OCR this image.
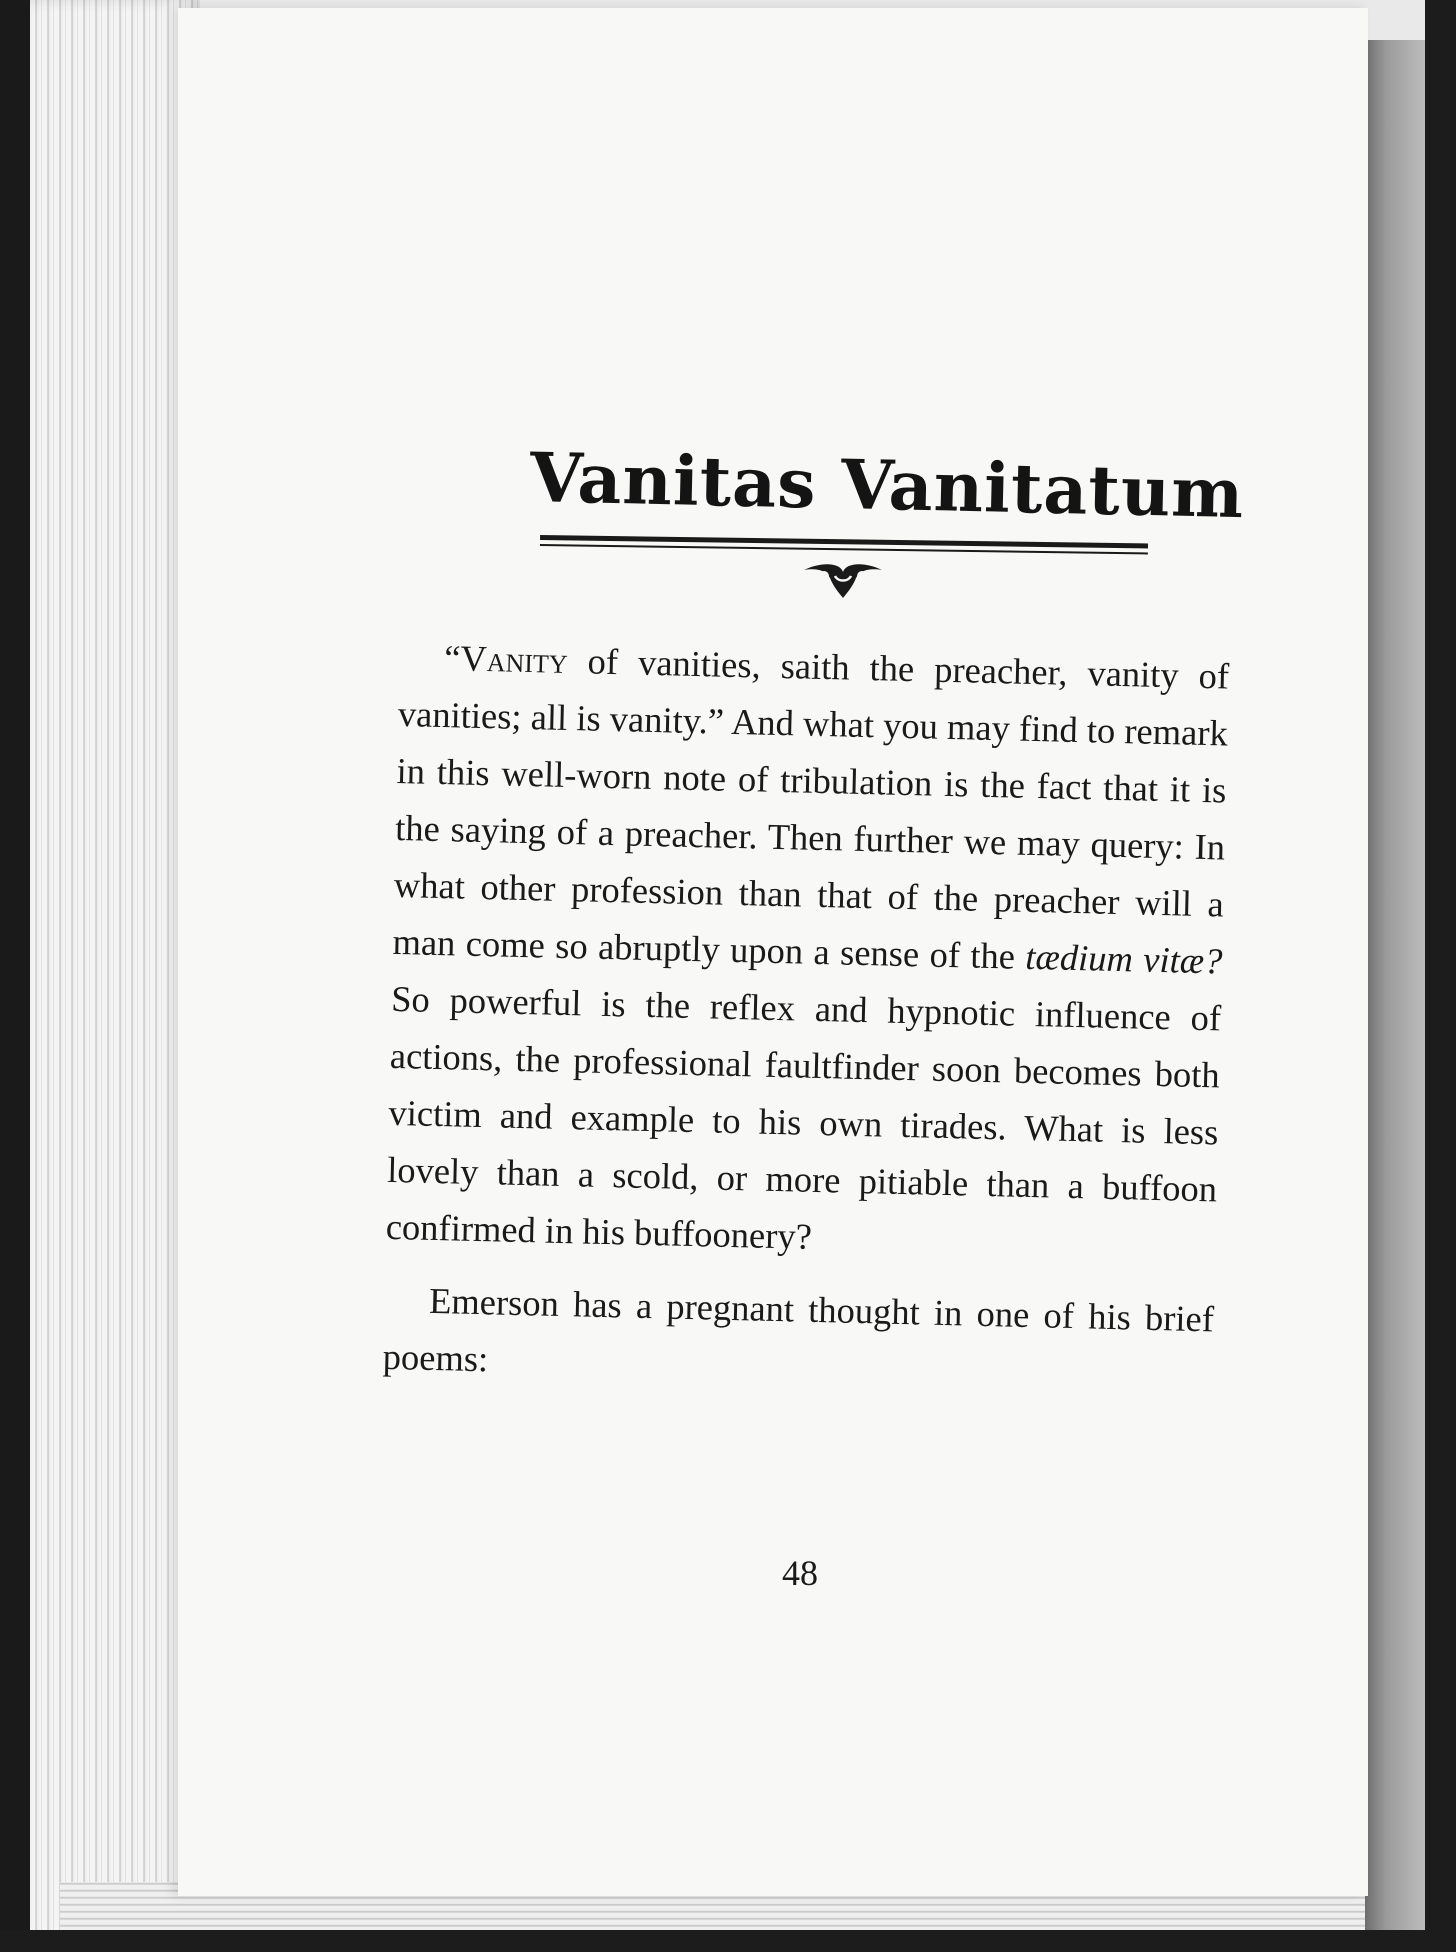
Vanitas Vanitatum

“Vanity of vanities, saith the preacher, vanity of vanities; all is vanity.” And what you may find to remark in this well-worn note of tribulation is the fact that it is the saying of a preacher. Then further we may query: In what other profession than that of the preacher will a man come so abruptly upon a sense of the tædium vitæ? So powerful is the reflex and hypnotic influence of actions, the professional faultfinder soon becomes both victim and example to his own tirades. What is less lovely than a scold, or more pitiable than a buffoon confirmed in his buffoonery?

Emerson has a pregnant thought in one of his brief poems:

48
